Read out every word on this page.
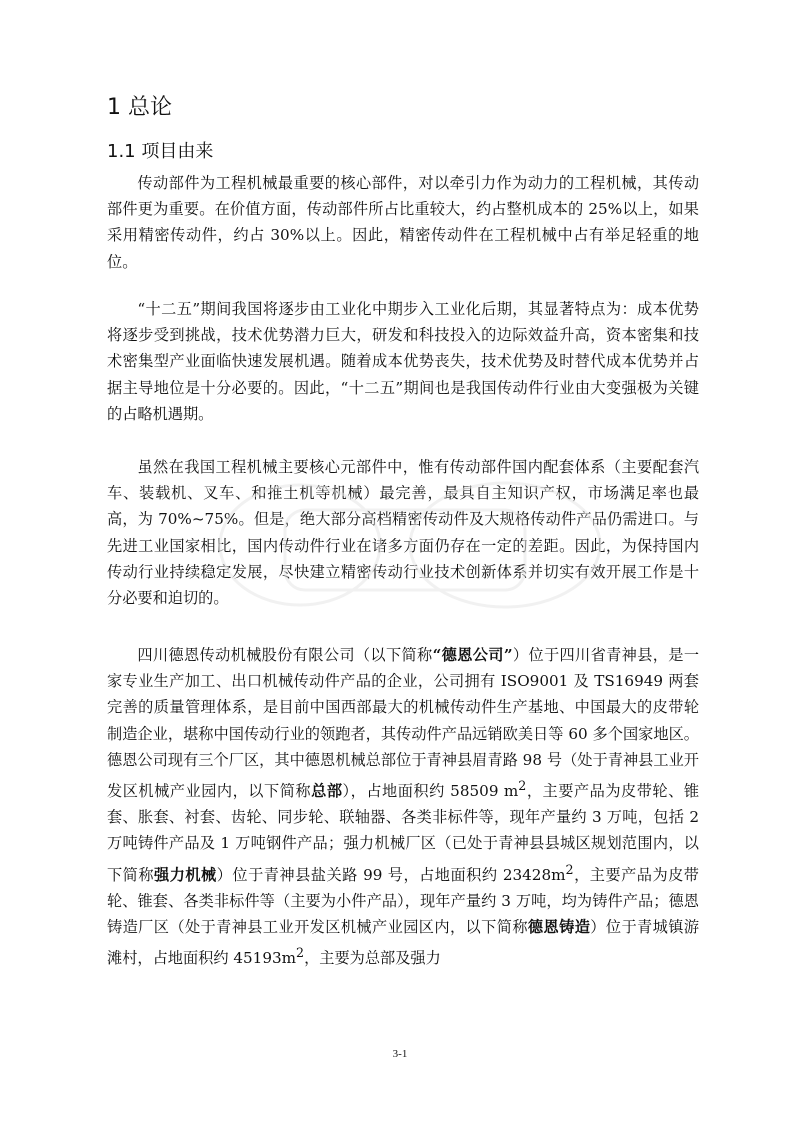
1 总论
1.1 项目由来

传动部件为工程机械最重要的核心部件，对以牵引力作为动力的工程机械，其传动部件更为重要。在价值方面，传动部件所占比重较大，约占整机成本的 25%以上，如果采用精密传动件，约占 30%以上。因此，精密传动件在工程机械中占有举足轻重的地位。

“十二五”期间我国将逐步由工业化中期步入工业化后期，其显著特点为：成本优势将逐步受到挑战，技术优势潜力巨大，研发和科技投入的边际效益升高，资本密集和技术密集型产业面临快速发展机遇。随着成本优势丧失，技术优势及时替代成本优势并占据主导地位是十分必要的。因此，“十二五”期间也是我国传动件行业由大变强极为关键的占略机遇期。

虽然在我国工程机械主要核心元部件中，惟有传动部件国内配套体系（主要配套汽车、装载机、叉车、和推土机等机械）最完善，最具自主知识产权，市场满足率也最高，为 70%~75%。但是，绝大部分高档精密传动件及大规格传动件产品仍需进口。与先进工业国家相比，国内传动件行业在诸多方面仍存在一定的差距。因此，为保持国内传动行业持续稳定发展，尽快建立精密传动行业技术创新体系并切实有效开展工作是十分必要和迫切的。

四川德恩传动机械股份有限公司（以下简称“德恩公司”）位于四川省青神县，是一家专业生产加工、出口机械传动件产品的企业，公司拥有 ISO9001 及 TS16949 两套完善的质量管理体系，是目前中国西部最大的机械传动件生产基地、中国最大的皮带轮制造企业，堪称中国传动行业的领跑者，其传动件产品远销欧美日等 60 多个国家地区。德恩公司现有三个厂区，其中德恩机械总部位于青神县眉青路 98 号（处于青神县工业开发区机械产业园内，以下简称总部），占地面积约 58509 $m^2$，主要产品为皮带轮、锥套、胀套、衬套、齿轮、同步轮、联轴器、各类非标件等，现年产量约 3 万吨，包括 2 万吨铸件产品及 1 万吨钢件产品；强力机械厂区（已处于青神县县城区规划范围内，以下简称强力机械）位于青神县盐关路 99 号，占地面积约 $23428m^2$，主要产品为皮带轮、锥套、各类非标件等（主要为小件产品），现年产量约 3 万吨，均为铸件产品；德恩铸造厂区（处于青神县工业开发区机械产业园区内，以下简称德恩铸造）位于青城镇游滩村，占地面积约 $45193m^2$，主要为总部及强力

3-1
